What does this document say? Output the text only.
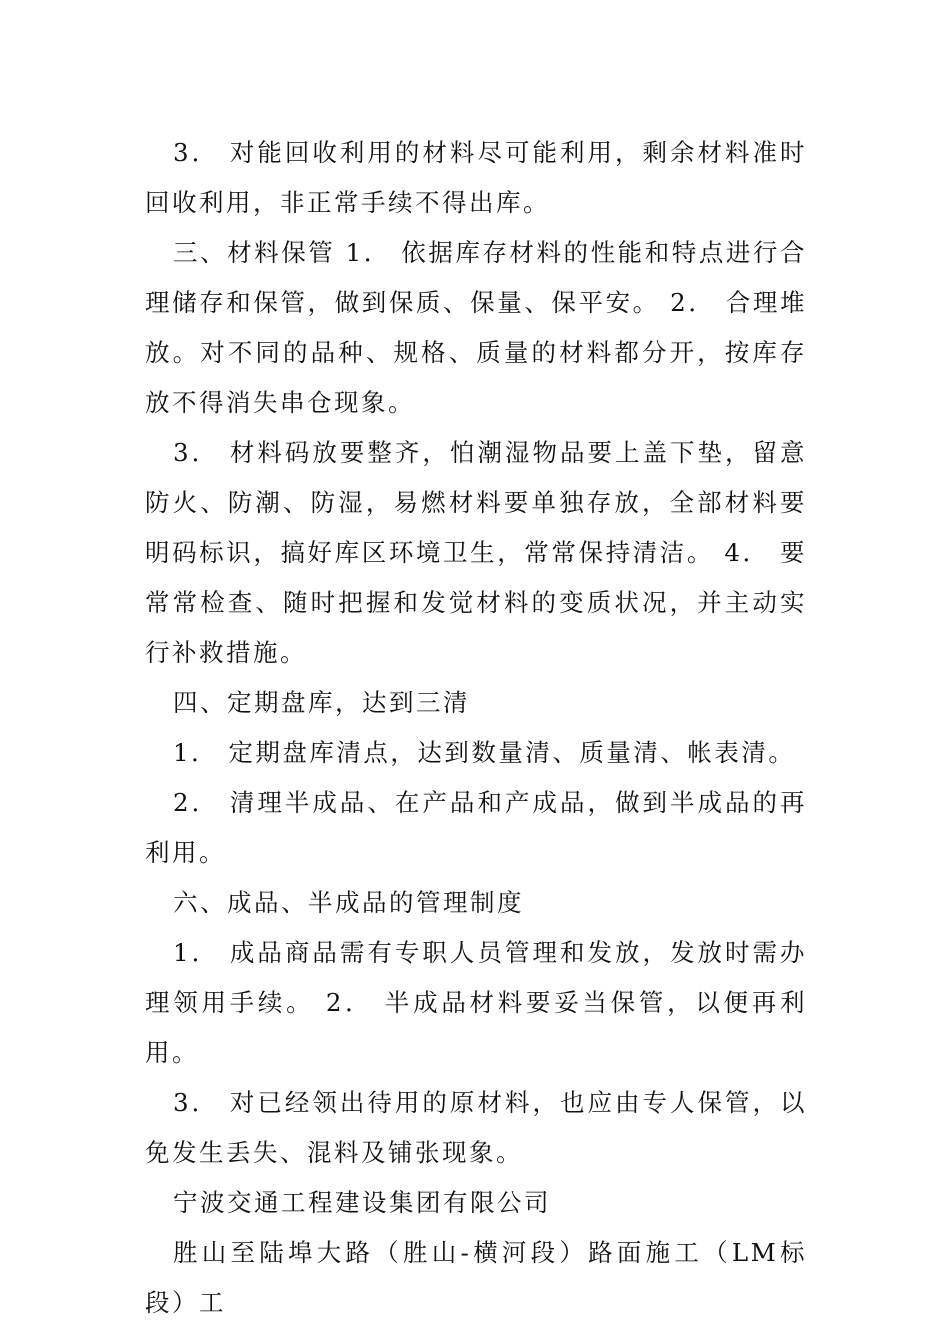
3． 对能回收利用的材料尽可能利用，剩余材料准时回收利用，非正常手续不得出库。

三、材料保管 1． 依据库存材料的性能和特点进行合理储存和保管，做到保质、保量、保平安。 2． 合理堆放。对不同的品种、规格、质量的材料都分开，按库存放不得消失串仓现象。

3． 材料码放要整齐，怕潮湿物品要上盖下垫，留意防火、防潮、防湿，易燃材料要单独存放，全部材料要明码标识，搞好库区环境卫生，常常保持清洁。 4． 要常常检查、随时把握和发觉材料的变质状况，并主动实行补救措施。

四、定期盘库，达到三清

1． 定期盘库清点，达到数量清、质量清、帐表清。

2． 清理半成品、在产品和产成品，做到半成品的再利用。

六、成品、半成品的管理制度

1． 成品商品需有专职人员管理和发放，发放时需办理领用手续。 2． 半成品材料要妥当保管，以便再利用。

3． 对已经领出待用的原材料，也应由专人保管，以免发生丢失、混料及铺张现象。

宁波交通工程建设集团有限公司

胜山至陆埠大路（胜山-横河段）路面施工（LM标段）工
